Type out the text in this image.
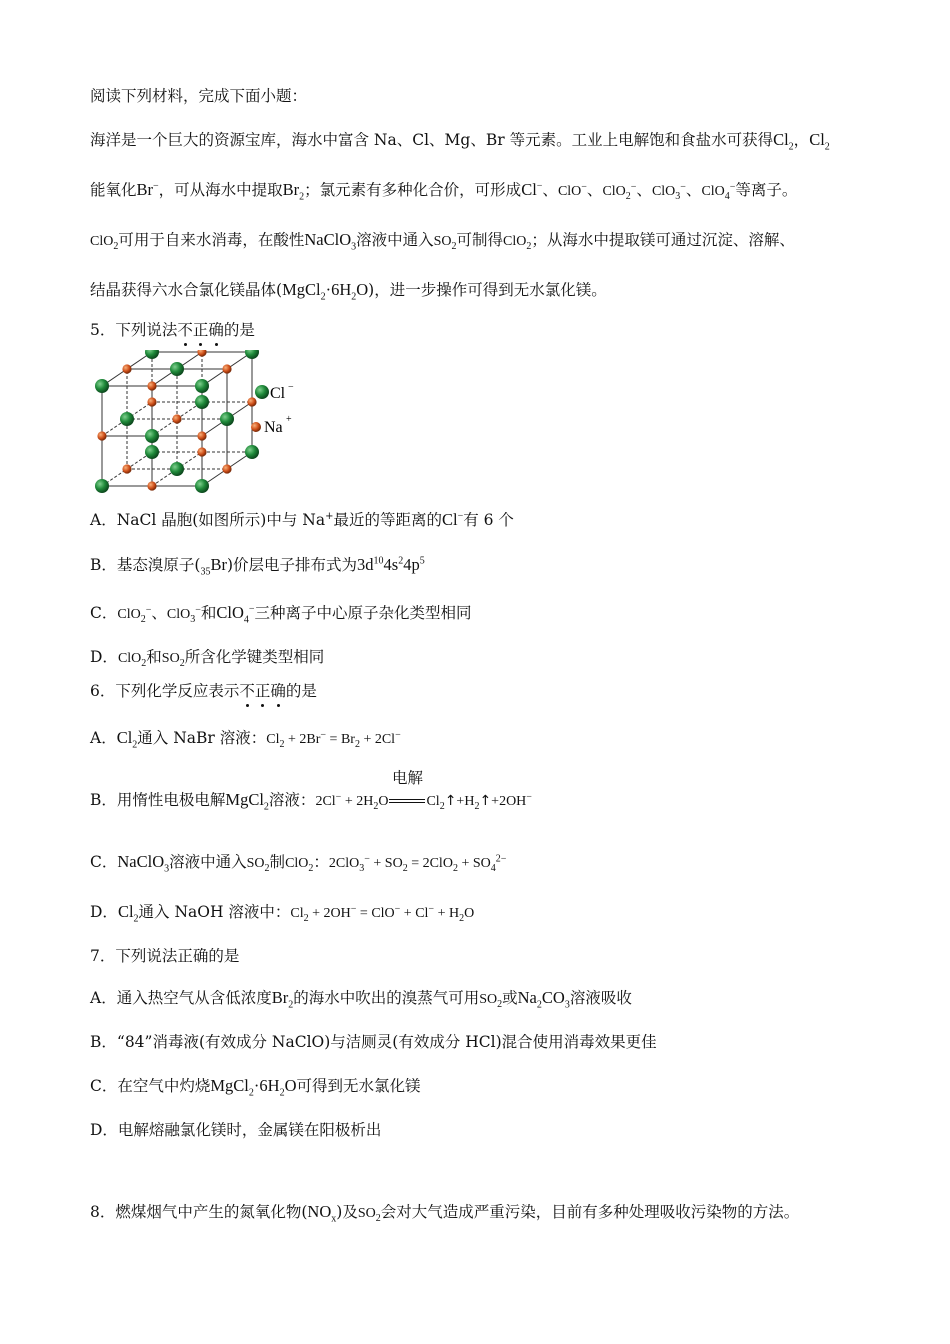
阅读下列材料，完成下面小题：
海洋是一个巨大的资源宝库，海水中富含 Na、Cl、Mg、Br 等元素。工业上电解饱和食盐水可获得$Cl_2$，$Cl_2$
能氧化Br−，可从海水中提取$Br_2$；氯元素有多种化合价，可形成Cl−、ClO−、ClO$_2$−、ClO$_3$−、ClO$_4$−等离子。
ClO$_2$可用于自来水消毒，在酸性NaClO$_3$溶液中通入$SO_2$可制得ClO$_2$；从海水中提取镁可通过沉淀、溶解、
结晶获得六水合氯化镁晶体$(MgCl_2\cdot 6H_2O)$，进一步操作可得到无水氯化镁。
5．下列说法不正确的是
Cl −
Na +
A．NaCl 晶胞(如图所示)中与 Na+最近的等距离的Cl−有 6 个
B．基态溴原子$(_{35}Br)$价层电子排布式为$3d^{10}4s^24p^5$
C．ClO$_2$−、ClO$_3$−和ClO$_4$−三种离子中心原子杂化类型相同
D．ClO$_2$和$SO_2$所含化学键类型相同
6．下列化学反应表示不正确的是
A．$Cl_2$通入 NaBr 溶液：$Cl_2 + 2Br^- = Br_2 + 2Cl^-$
B．用惰性电极电解MgCl$_2$溶液：$2Cl^- + 2H_2O$
电解
$Cl_2↑+H_2↑+2OH^-$
C．NaClO$_3$溶液中通入$SO_2$制ClO$_2$：$2ClO_3^- + SO_2 = 2ClO_2 + SO_4^{2-}$
D．$Cl_2$通入 NaOH 溶液中：$Cl_2 + 2OH^- = ClO^- + Cl^- + H_2O$
7．下列说法正确的是
A．通入热空气从含低浓度$Br_2$的海水中吹出的溴蒸气可用$SO_2$或$Na_2CO_3$溶液吸收
B．“84”消毒液(有效成分 NaClO)与洁厕灵(有效成分 HCl)混合使用消毒效果更佳
C．在空气中灼烧$MgCl_2\cdot 6H_2O$可得到无水氯化镁
D．电解熔融氯化镁时，金属镁在阳极析出
8．燃煤烟气中产生的氮氧化物$(NO_x)$及$SO_2$会对大气造成严重污染，目前有多种处理吸收污染物的方法。
